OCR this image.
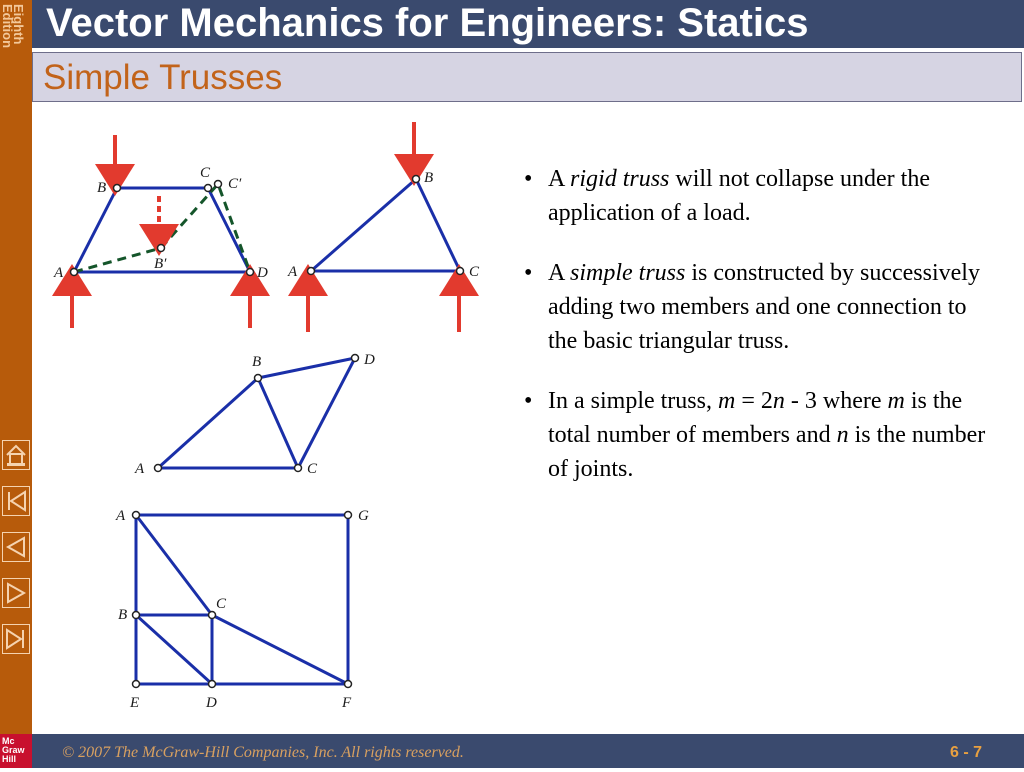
Eighth
Edition
Mc
Graw
Hill
Vector Mechanics for Engineers: Statics
Simple Trusses
B
C
C′
B′
A	D
B
A	C
B	D
A	C
A	G
C
B
E	D	F
• A rigid truss will not collapse under the application of a load.
• A simple truss is constructed by successively adding two members and one connection to the basic triangular truss.
• In a simple truss, m = 2n - 3 where m is the total number of members and n is the number of joints.
© 2007 The McGraw-Hill Companies, Inc. All rights reserved.	6 - 7
